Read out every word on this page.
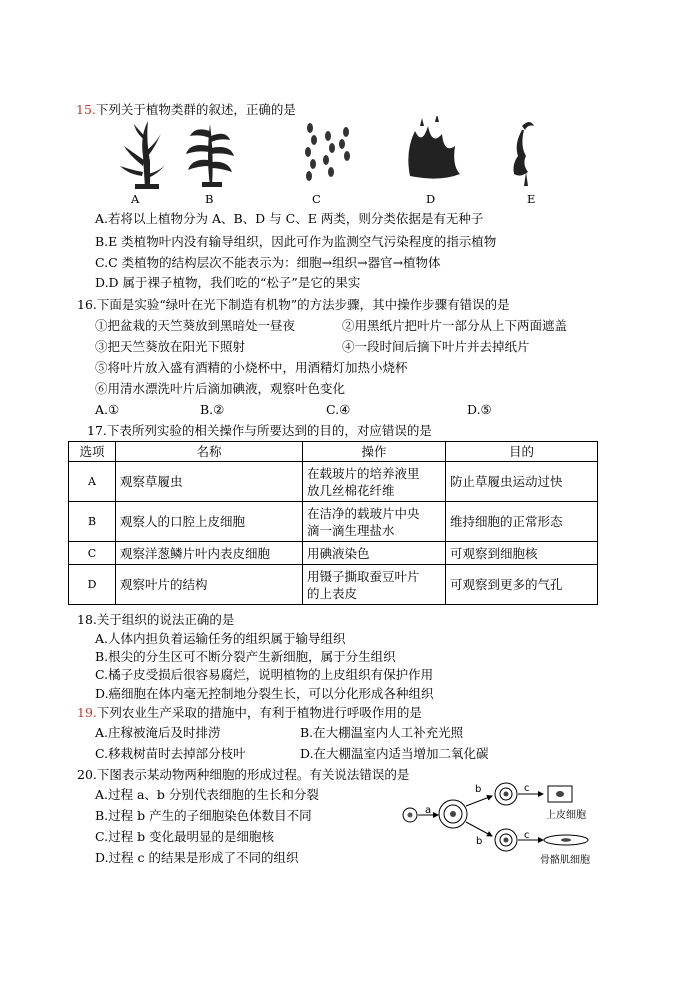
15.下列关于植物类群的叙述，正确的是
A	B	C	D	E
A.若将以上植物分为 A、B、D 与 C、E 两类，则分类依据是有无种子
B.E 类植物叶内没有输导组织，因此可作为监测空气污染程度的指示植物
C.C 类植物的结构层次不能表示为：细胞→组织→器官→植物体
D.D 属于裸子植物，我们吃的“松子”是它的果实
16.下面是实验“绿叶在光下制造有机物”的方法步骤，其中操作步骤有错误的是
①把盆栽的天竺葵放到黑暗处一昼夜	②用黑纸片把叶片一部分从上下两面遮盖
③把天竺葵放在阳光下照射	④一段时间后摘下叶片并去掉纸片
⑤将叶片放入盛有酒精的小烧杯中，用酒精灯加热小烧杯
⑥用清水漂洗叶片后滴加碘液，观察叶色变化
A.①	B.②	C.④	D.⑤
17.下表所列实验的相关操作与所要达到的目的，对应错误的是
选项	名称	操作	目的
A	观察草履虫	在载玻片的培养液里
放几丝棉花纤维	防止草履虫运动过快
B	观察人的口腔上皮细胞	在洁净的载玻片中央
滴一滴生理盐水	维持细胞的正常形态
C	观察洋葱鳞片叶内表皮细胞	用碘液染色	可观察到细胞核
D	观察叶片的结构	用镊子撕取蚕豆叶片
的上表皮	可观察到更多的气孔
18.关于组织的说法正确的是
A.人体内担负着运输任务的组织属于输导组织
B.根尖的分生区可不断分裂产生新细胞，属于分生组织
C.橘子皮受损后很容易腐烂，说明植物的上皮组织有保护作用
D.癌细胞在体内毫无控制地分裂生长，可以分化形成各种组织
19.下列农业生产采取的措施中，有利于植物进行呼吸作用的是
A.庄稼被淹后及时排涝	B.在大棚温室内人工补充光照
C.移栽树苗时去掉部分枝叶	D.在大棚温室内适当增加二氧化碳
20.下图表示某动物两种细胞的形成过程。有关说法错误的是
A.过程 a、b 分别代表细胞的生长和分裂
B.过程 b 产生的子细胞染色体数目不同
C.过程 b 变化最明显的是细胞核
D.过程 c 的结果是形成了不同的组织
a
b
b
c
c
上皮细胞
骨骼肌细胞
